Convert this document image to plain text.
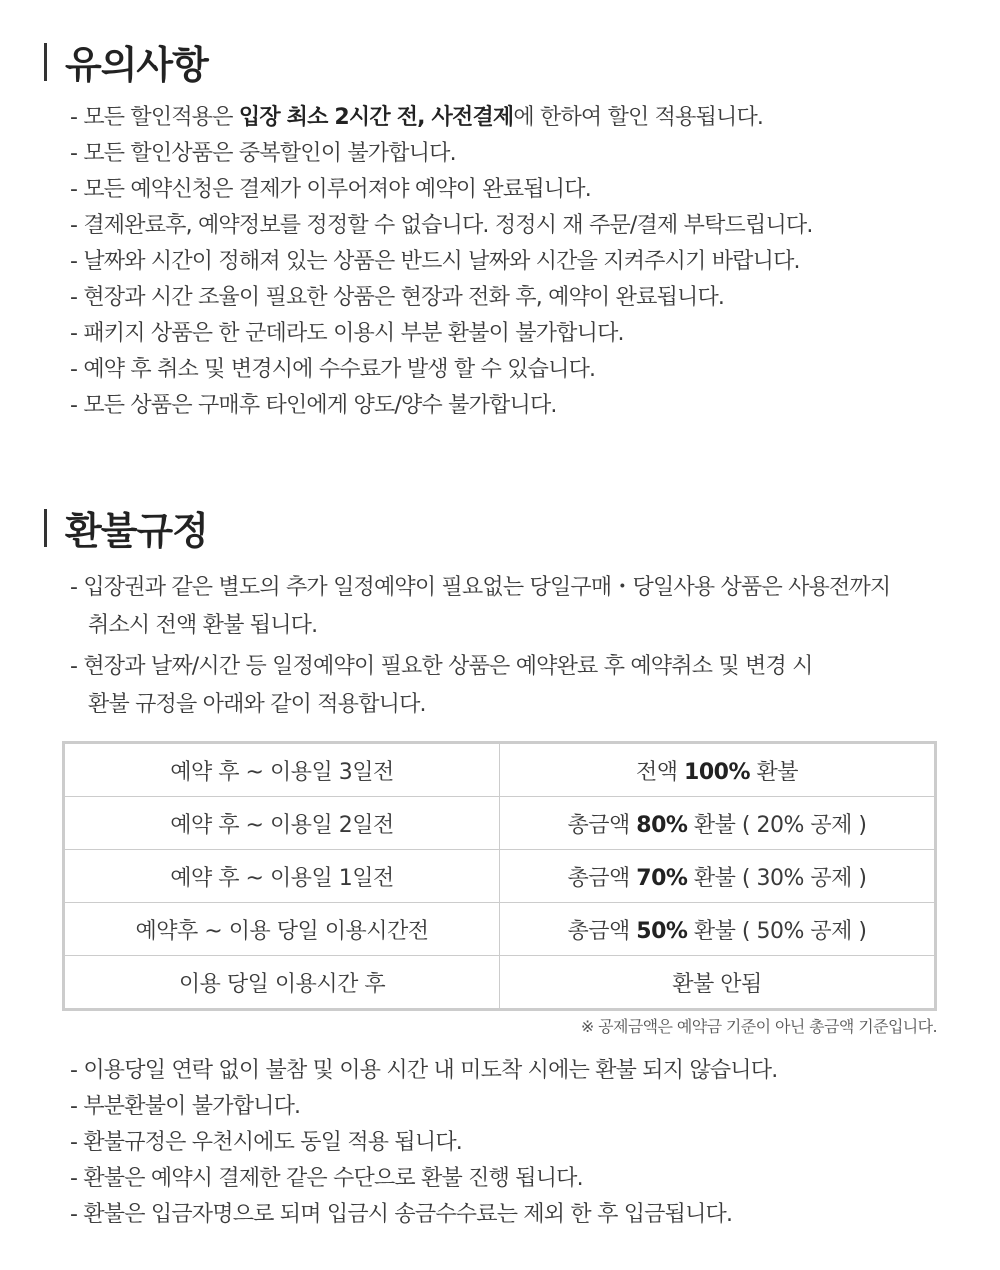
유의사항
- 모든 할인적용은 입장 최소 2시간 전, 사전결제에 한하여 할인 적용됩니다.
- 모든 할인상품은 중복할인이 불가합니다.
- 모든 예약신청은 결제가 이루어져야 예약이 완료됩니다.
- 결제완료후, 예약정보를 정정할 수 없습니다. 정정시 재 주문/결제 부탁드립니다.
- 날짜와 시간이 정해져 있는 상품은 반드시 날짜와 시간을 지켜주시기 바랍니다.
- 현장과 시간 조율이 필요한 상품은 현장과 전화 후, 예약이 완료됩니다.
- 패키지 상품은 한 군데라도 이용시 부분 환불이 불가합니다.
- 예약 후 취소 및 변경시에 수수료가 발생 할 수 있습니다.
- 모든 상품은 구매후 타인에게 양도/양수 불가합니다.
환불규정
- 입장권과 같은 별도의 추가 일정예약이 필요없는 당일구매・당일사용 상품은 사용전까지
취소시 전액 환불 됩니다.
- 현장과 날짜/시간 등 일정예약이 필요한 상품은 예약완료 후 예약취소 및 변경 시
환불 규정을 아래와 같이 적용합니다.
예약 후 ~ 이용일 3일전	전액 100% 환불
예약 후 ~ 이용일 2일전	총금액 80% 환불 ( 20% 공제 )
예약 후 ~ 이용일 1일전	총금액 70% 환불 ( 30% 공제 )
예약후 ~ 이용 당일 이용시간전	총금액 50% 환불 ( 50% 공제 )
이용 당일 이용시간 후	환불 안됨
※ 공제금액은 예약금 기준이 아닌 총금액 기준입니다.
- 이용당일 연락 없이 불참 및 이용 시간 내 미도착 시에는 환불 되지 않습니다.
- 부분환불이 불가합니다.
- 환불규정은 우천시에도 동일 적용 됩니다.
- 환불은 예약시 결제한 같은 수단으로 환불 진행 됩니다.
- 환불은 입금자명으로 되며 입금시 송금수수료는 제외 한 후 입금됩니다.
